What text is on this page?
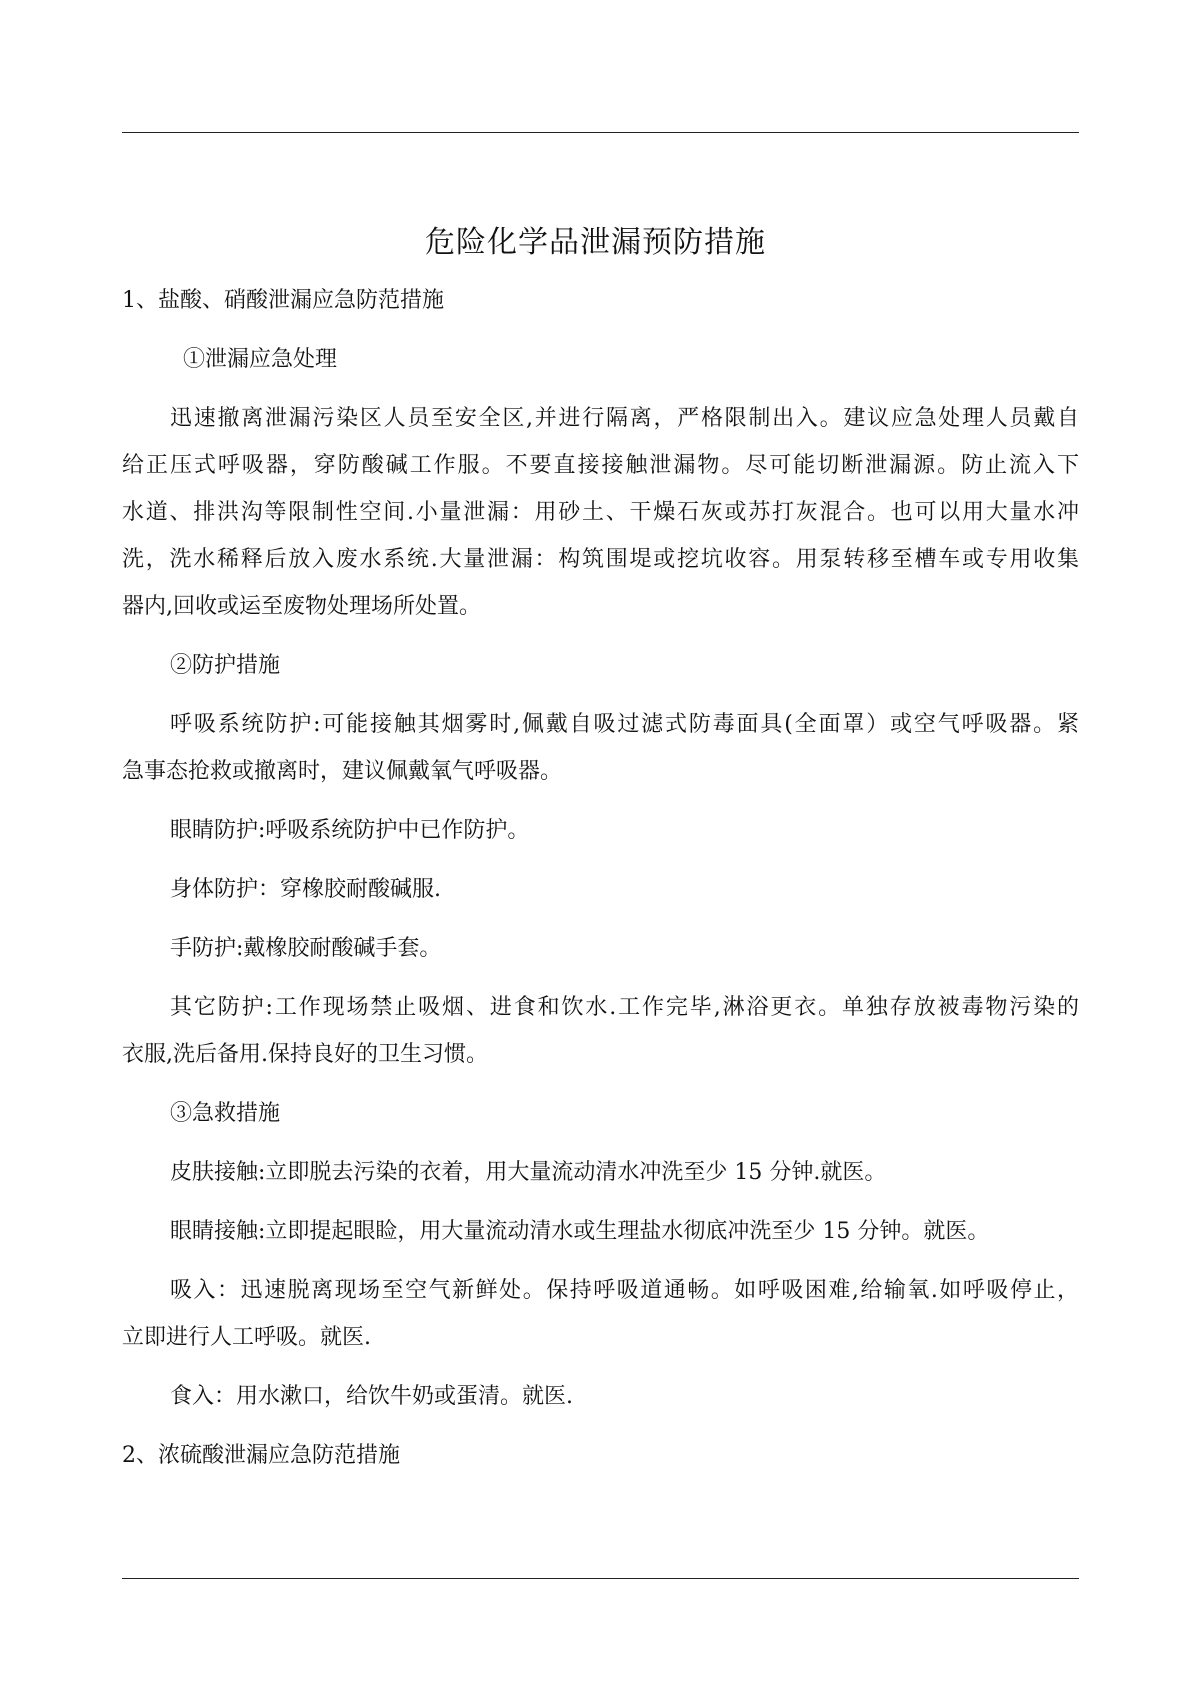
危险化学品泄漏预防措施
1、盐酸、硝酸泄漏应急防范措施
①泄漏应急处理
迅速撤离泄漏污染区人员至安全区,并进行隔离，严格限制出入。建议应急处理人员戴自
给正压式呼吸器，穿防酸碱工作服。不要直接接触泄漏物。尽可能切断泄漏源。防止流入下
水道、排洪沟等限制性空间.小量泄漏：用砂土、干燥石灰或苏打灰混合。也可以用大量水冲
洗，洗水稀释后放入废水系统.大量泄漏：构筑围堤或挖坑收容。用泵转移至槽车或专用收集
器内,回收或运至废物处理场所处置。
②防护措施
呼吸系统防护:可能接触其烟雾时,佩戴自吸过滤式防毒面具(全面罩）或空气呼吸器。紧
急事态抢救或撤离时，建议佩戴氧气呼吸器。
眼睛防护:呼吸系统防护中已作防护。
身体防护：穿橡胶耐酸碱服.
手防护:戴橡胶耐酸碱手套。
其它防护:工作现场禁止吸烟、进食和饮水.工作完毕,淋浴更衣。单独存放被毒物污染的
衣服,洗后备用.保持良好的卫生习惯。
③急救措施
皮肤接触:立即脱去污染的衣着，用大量流动清水冲洗至少 15 分钟.就医。
眼睛接触:立即提起眼睑，用大量流动清水或生理盐水彻底冲洗至少 15 分钟。就医。
吸入：迅速脱离现场至空气新鲜处。保持呼吸道通畅。如呼吸困难,给输氧.如呼吸停止，
立即进行人工呼吸。就医.
食入：用水漱口，给饮牛奶或蛋清。就医.
2、浓硫酸泄漏应急防范措施
